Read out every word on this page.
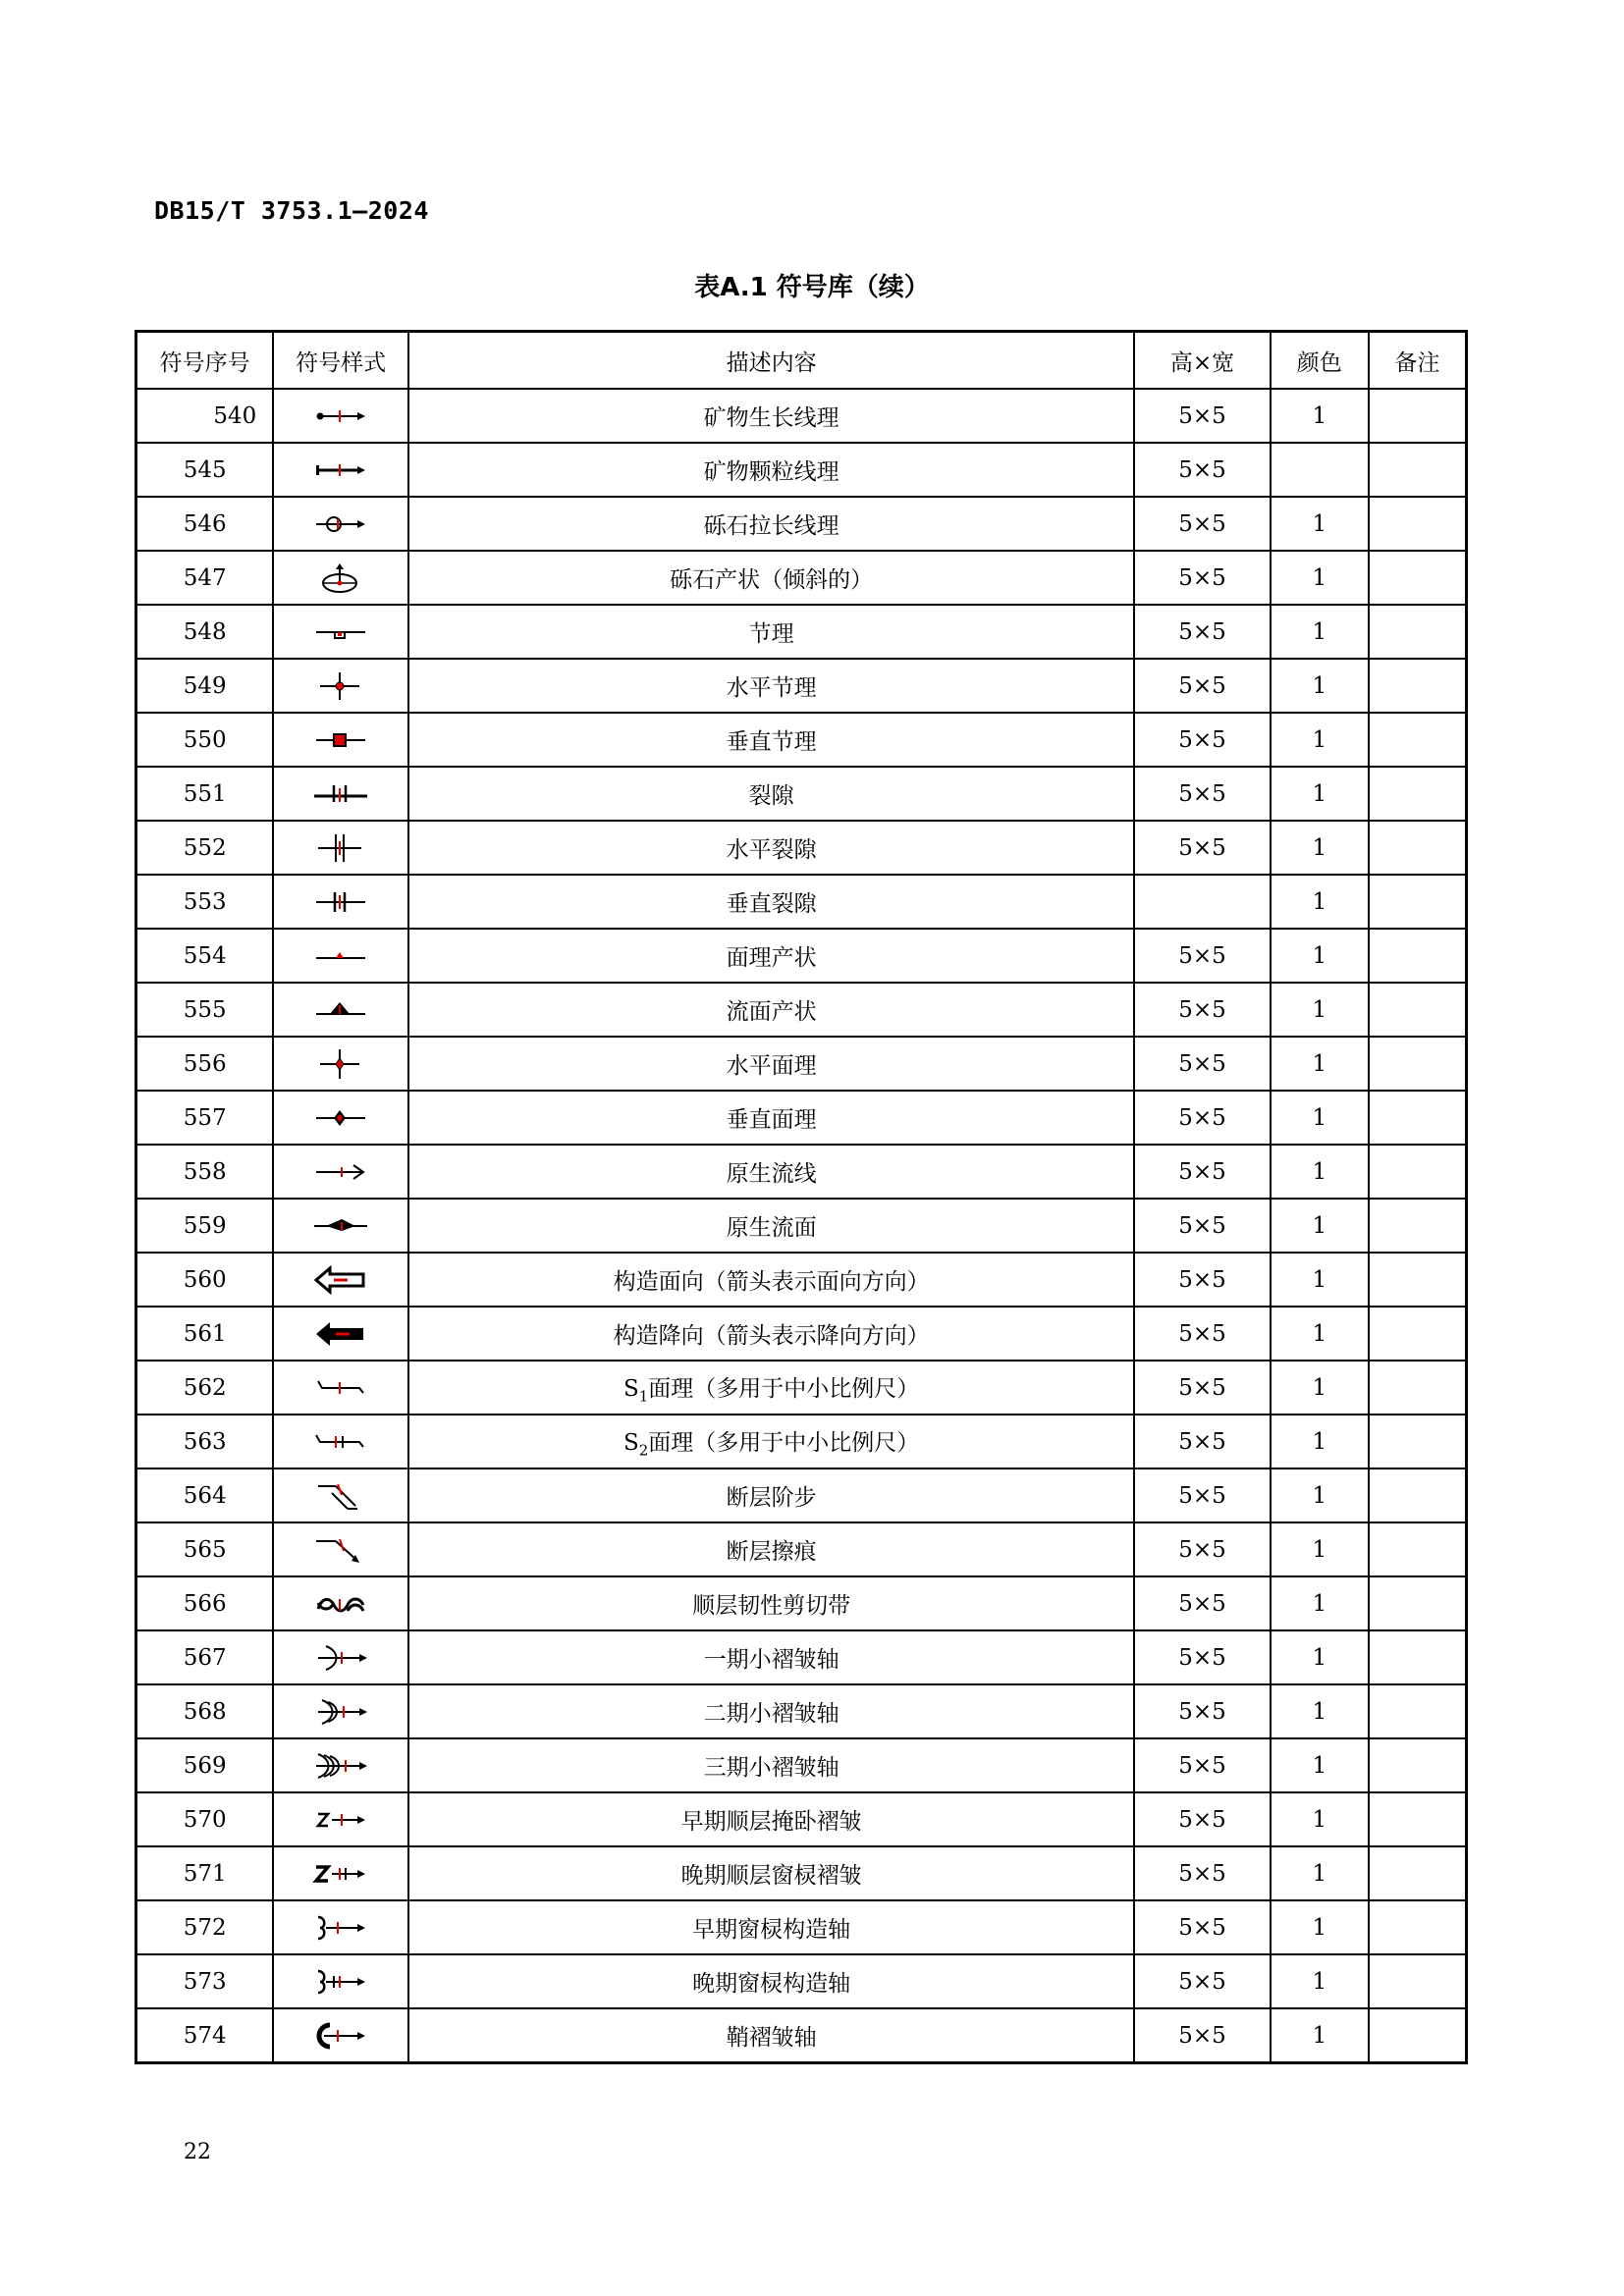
DB15/T 3753.1—2024
表A.1 符号库（续）
符号序号	符号样式	描述内容	高×宽	颜色	备注
540		矿物生长线理	5×5	1	
545		矿物颗粒线理	5×5		
546		砾石拉长线理	5×5	1	
547		砾石产状（倾斜的）	5×5	1	
548		节理	5×5	1	
549		水平节理	5×5	1	
550		垂直节理	5×5	1	
551		裂隙	5×5	1	
552		水平裂隙	5×5	1	
553		垂直裂隙		1	
554		面理产状	5×5	1	
555		流面产状	5×5	1	
556		水平面理	5×5	1	
557		垂直面理	5×5	1	
558		原生流线	5×5	1	
559		原生流面	5×5	1	
560		构造面向（箭头表示面向方向）	5×5	1	
561		构造降向（箭头表示降向方向）	5×5	1	
562		$S_1$面理（多用于中小比例尺）	5×5	1	
563		$S_2$面理（多用于中小比例尺）	5×5	1	
564		断层阶步	5×5	1	
565		断层擦痕	5×5	1	
566		顺层韧性剪切带	5×5	1	
567		一期小褶皱轴	5×5	1	
568		二期小褶皱轴	5×5	1	
569		三期小褶皱轴	5×5	1	
570		早期顺层掩卧褶皱	5×5	1	
571		晚期顺层窗棂褶皱	5×5	1	
572		早期窗棂构造轴	5×5	1	
573		晚期窗棂构造轴	5×5	1	
574		鞘褶皱轴	5×5	1	
22
